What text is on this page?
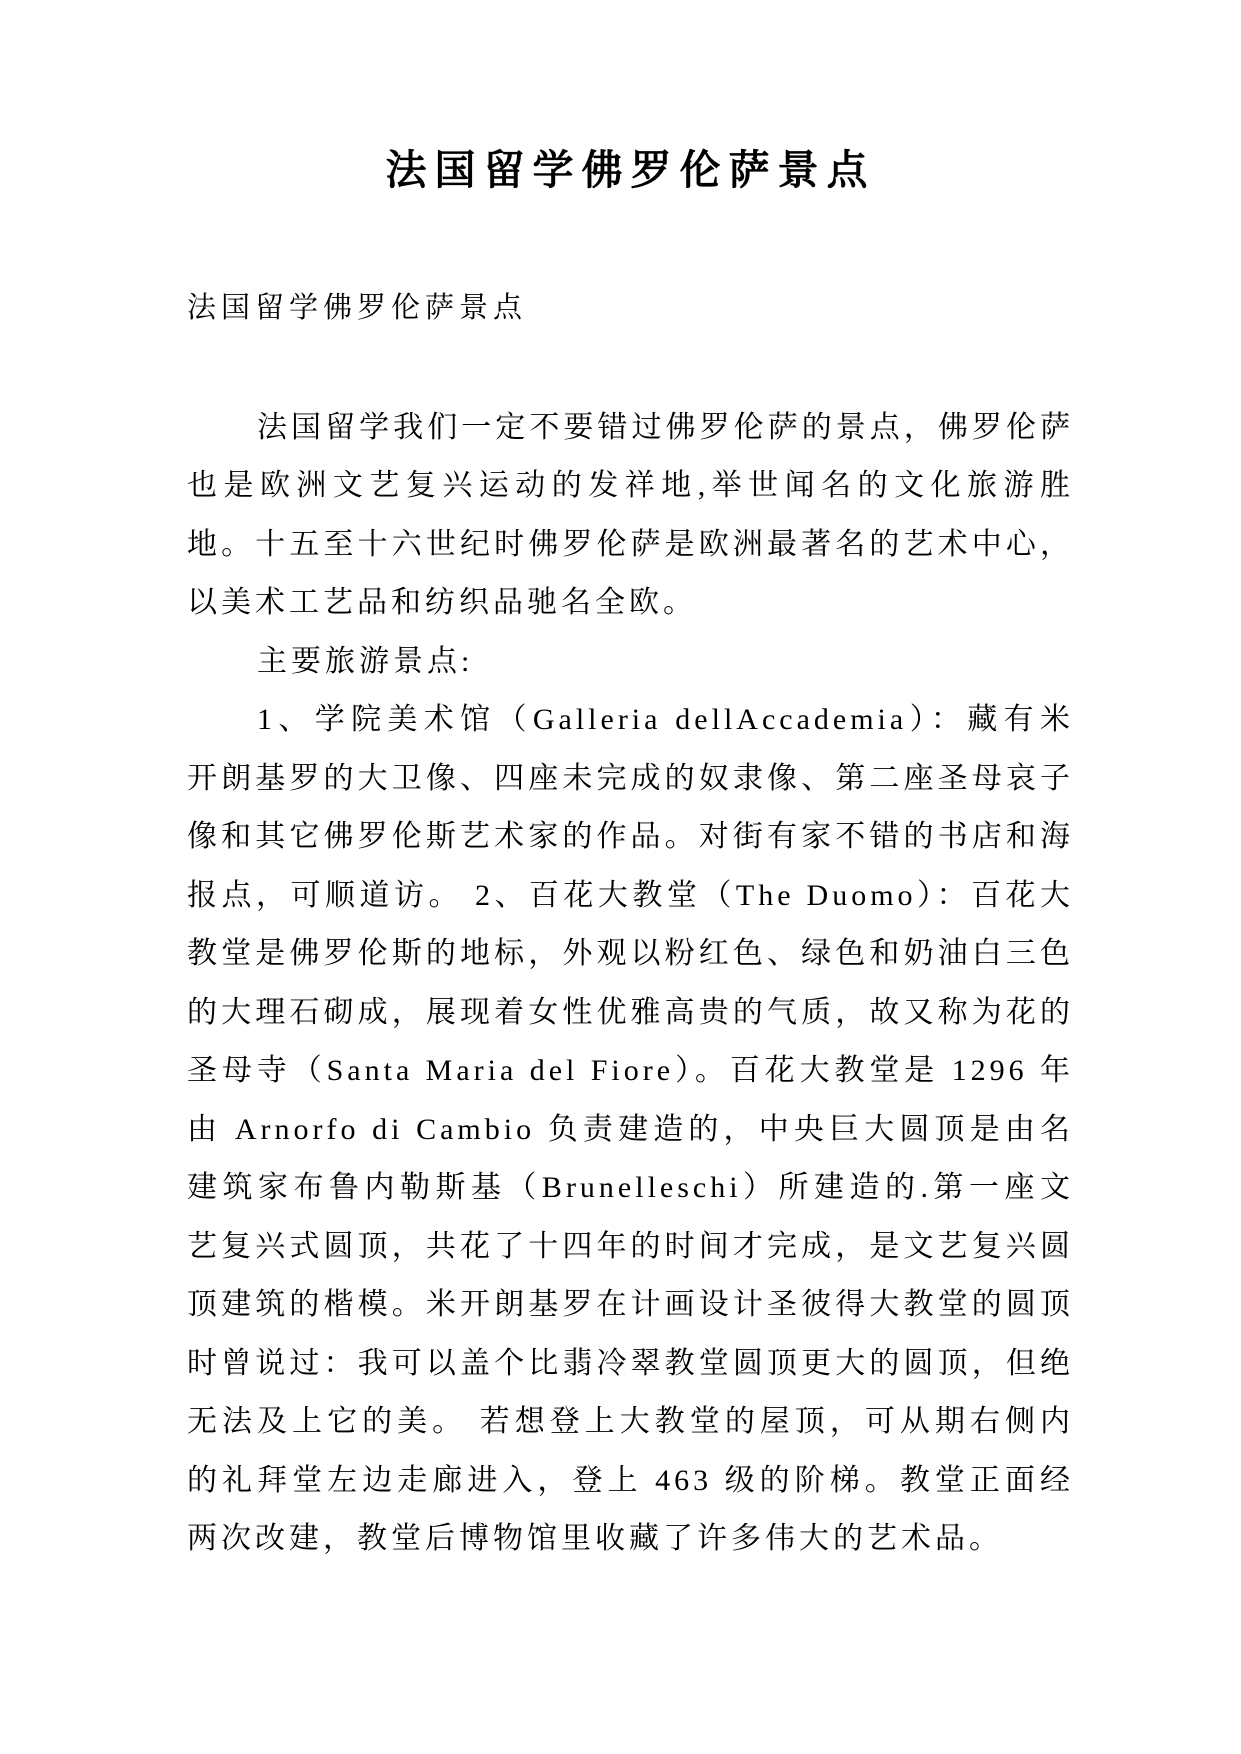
法国留学佛罗伦萨景点

法国留学佛罗伦萨景点

法国留学我们一定不要错过佛罗伦萨的景点，佛罗伦萨也是欧洲文艺复兴运动的发祥地,举世闻名的文化旅游胜地。十五至十六世纪时佛罗伦萨是欧洲最著名的艺术中心，以美术工艺品和纺织品驰名全欧。

主要旅游景点:

1、学院美术馆（Galleria dellAccademia）：藏有米开朗基罗的大卫像、四座未完成的奴隶像、第二座圣母哀子像和其它佛罗伦斯艺术家的作品。对街有家不错的书店和海报点，可顺道访。 2、百花大教堂（The Duomo）：百花大教堂是佛罗伦斯的地标，外观以粉红色、绿色和奶油白三色的大理石砌成，展现着女性优雅高贵的气质，故又称为花的圣母寺（Santa Maria del Fiore）。百花大教堂是 1296 年由 Arnorfo di Cambio 负责建造的，中央巨大圆顶是由名建筑家布鲁内勒斯基（Brunelleschi）所建造的.第一座文艺复兴式圆顶，共花了十四年的时间才完成，是文艺复兴圆顶建筑的楷模。米开朗基罗在计画设计圣彼得大教堂的圆顶时曾说过：我可以盖个比翡冷翠教堂圆顶更大的圆顶，但绝无法及上它的美。 若想登上大教堂的屋顶，可从期右侧内的礼拜堂左边走廊进入，登上 463 级的阶梯。教堂正面经两次改建，教堂后博物馆里收藏了许多伟大的艺术品。
